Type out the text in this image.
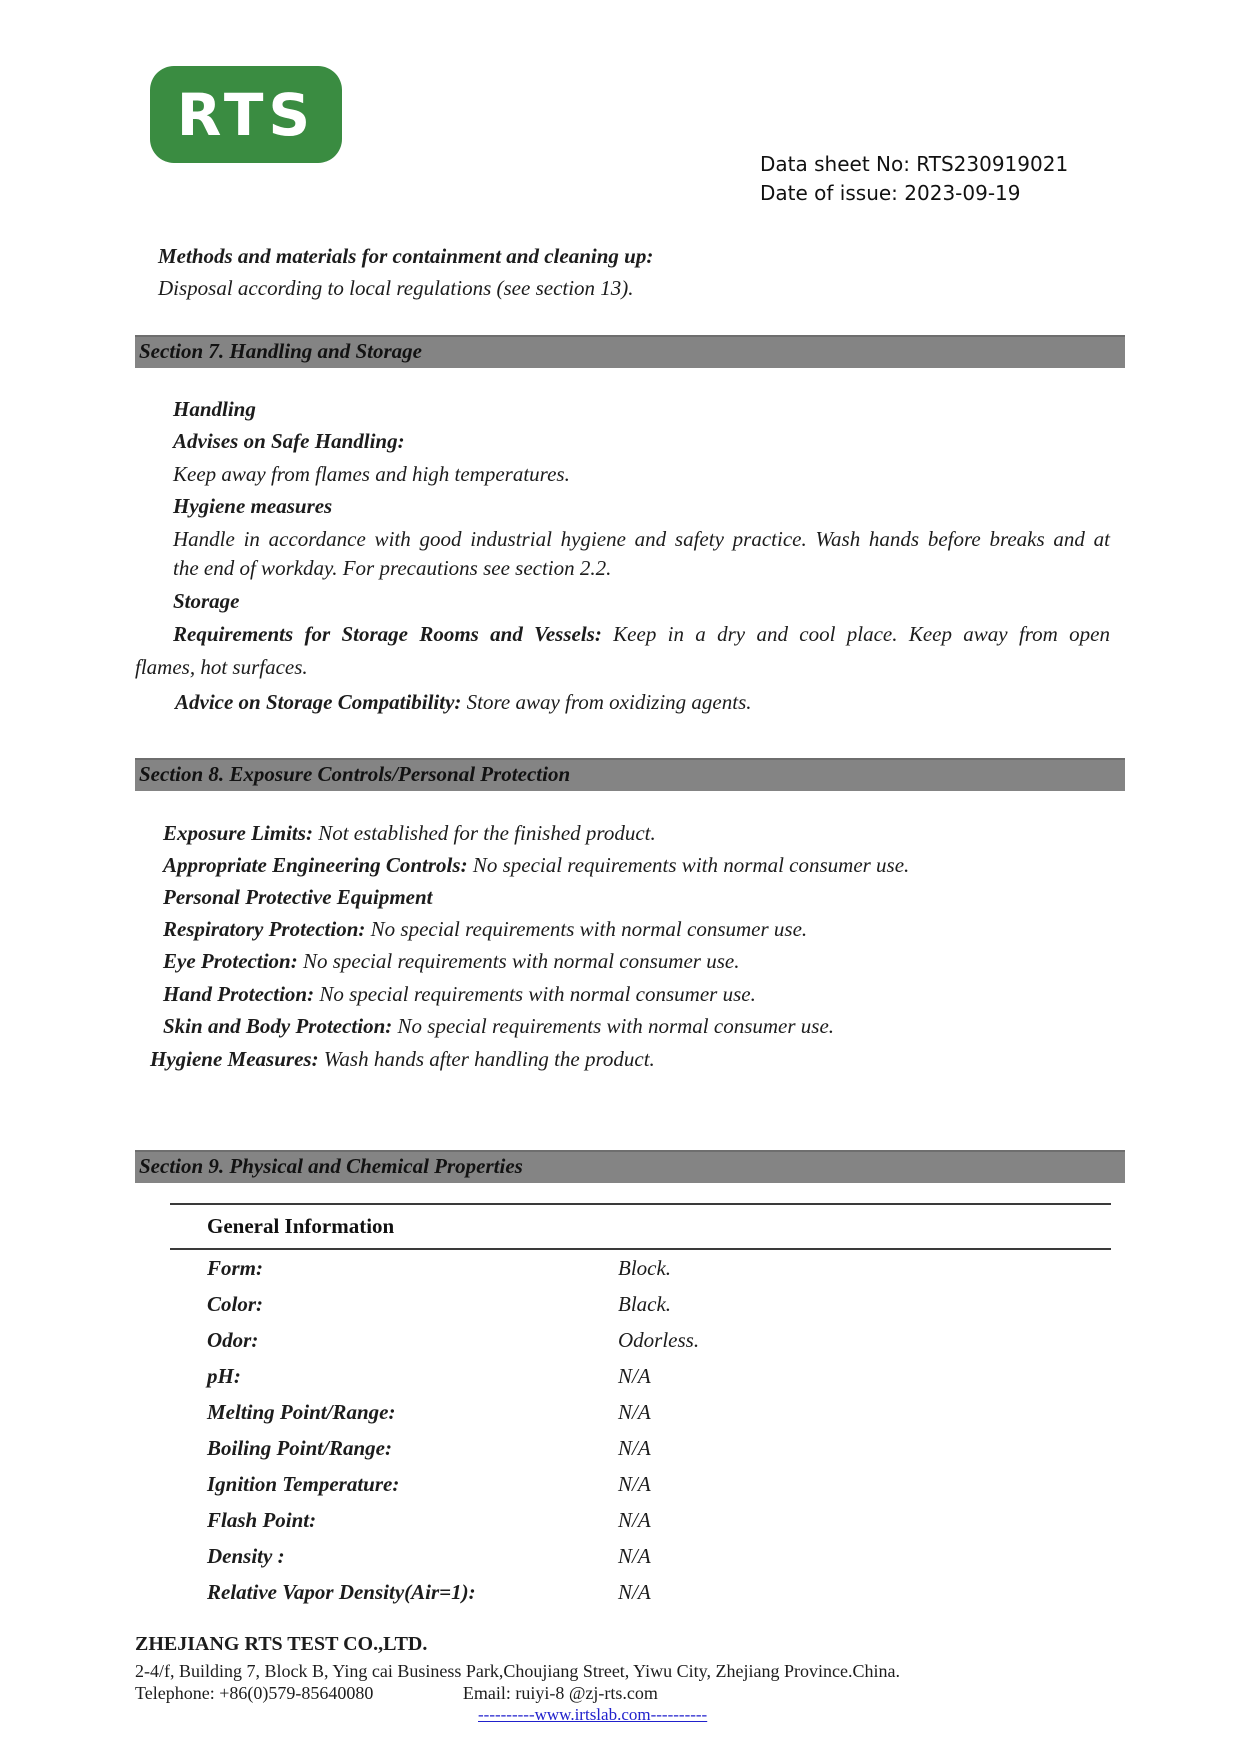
RTS
Data sheet No: RTS230919021
Date of issue: 2023-09-19
Methods and materials for containment and cleaning up:
Disposal according to local regulations (see section 13).
Section 7. Handling and Storage
Handling
Advises on Safe Handling:
Keep away from flames and high temperatures.
Hygiene measures
Handle in accordance with good industrial hygiene and safety practice. Wash hands before breaks and at
the end of workday. For precautions see section 2.2.
Storage
Requirements for Storage Rooms and Vessels: Keep in a dry and cool place. Keep away from open
flames, hot surfaces.
Advice on Storage Compatibility: Store away from oxidizing agents.
Section 8. Exposure Controls/Personal Protection
Exposure Limits: Not established for the finished product.
Appropriate Engineering Controls: No special requirements with normal consumer use.
Personal Protective Equipment
Respiratory Protection: No special requirements with normal consumer use.
Eye Protection: No special requirements with normal consumer use.
Hand Protection: No special requirements with normal consumer use.
Skin and Body Protection: No special requirements with normal consumer use.
Hygiene Measures: Wash hands after handling the product.
Section 9. Physical and Chemical Properties
General Information
Form:	Block.
Color:	Black.
Odor:	Odorless.
pH:	N/A
Melting Point/Range:	N/A
Boiling Point/Range:	N/A
Ignition Temperature:	N/A
Flash Point:	N/A
Density :	N/A
Relative Vapor Density(Air=1):	N/A
ZHEJIANG RTS TEST CO.,LTD.
2-4/f, Building 7, Block B, Ying cai Business Park,Choujiang Street, Yiwu City, Zhejiang Province.China.
Telephone: +86(0)579-85640080	Email: ruiyi-8 @zj-rts.com
----------www.irtslab.com----------
